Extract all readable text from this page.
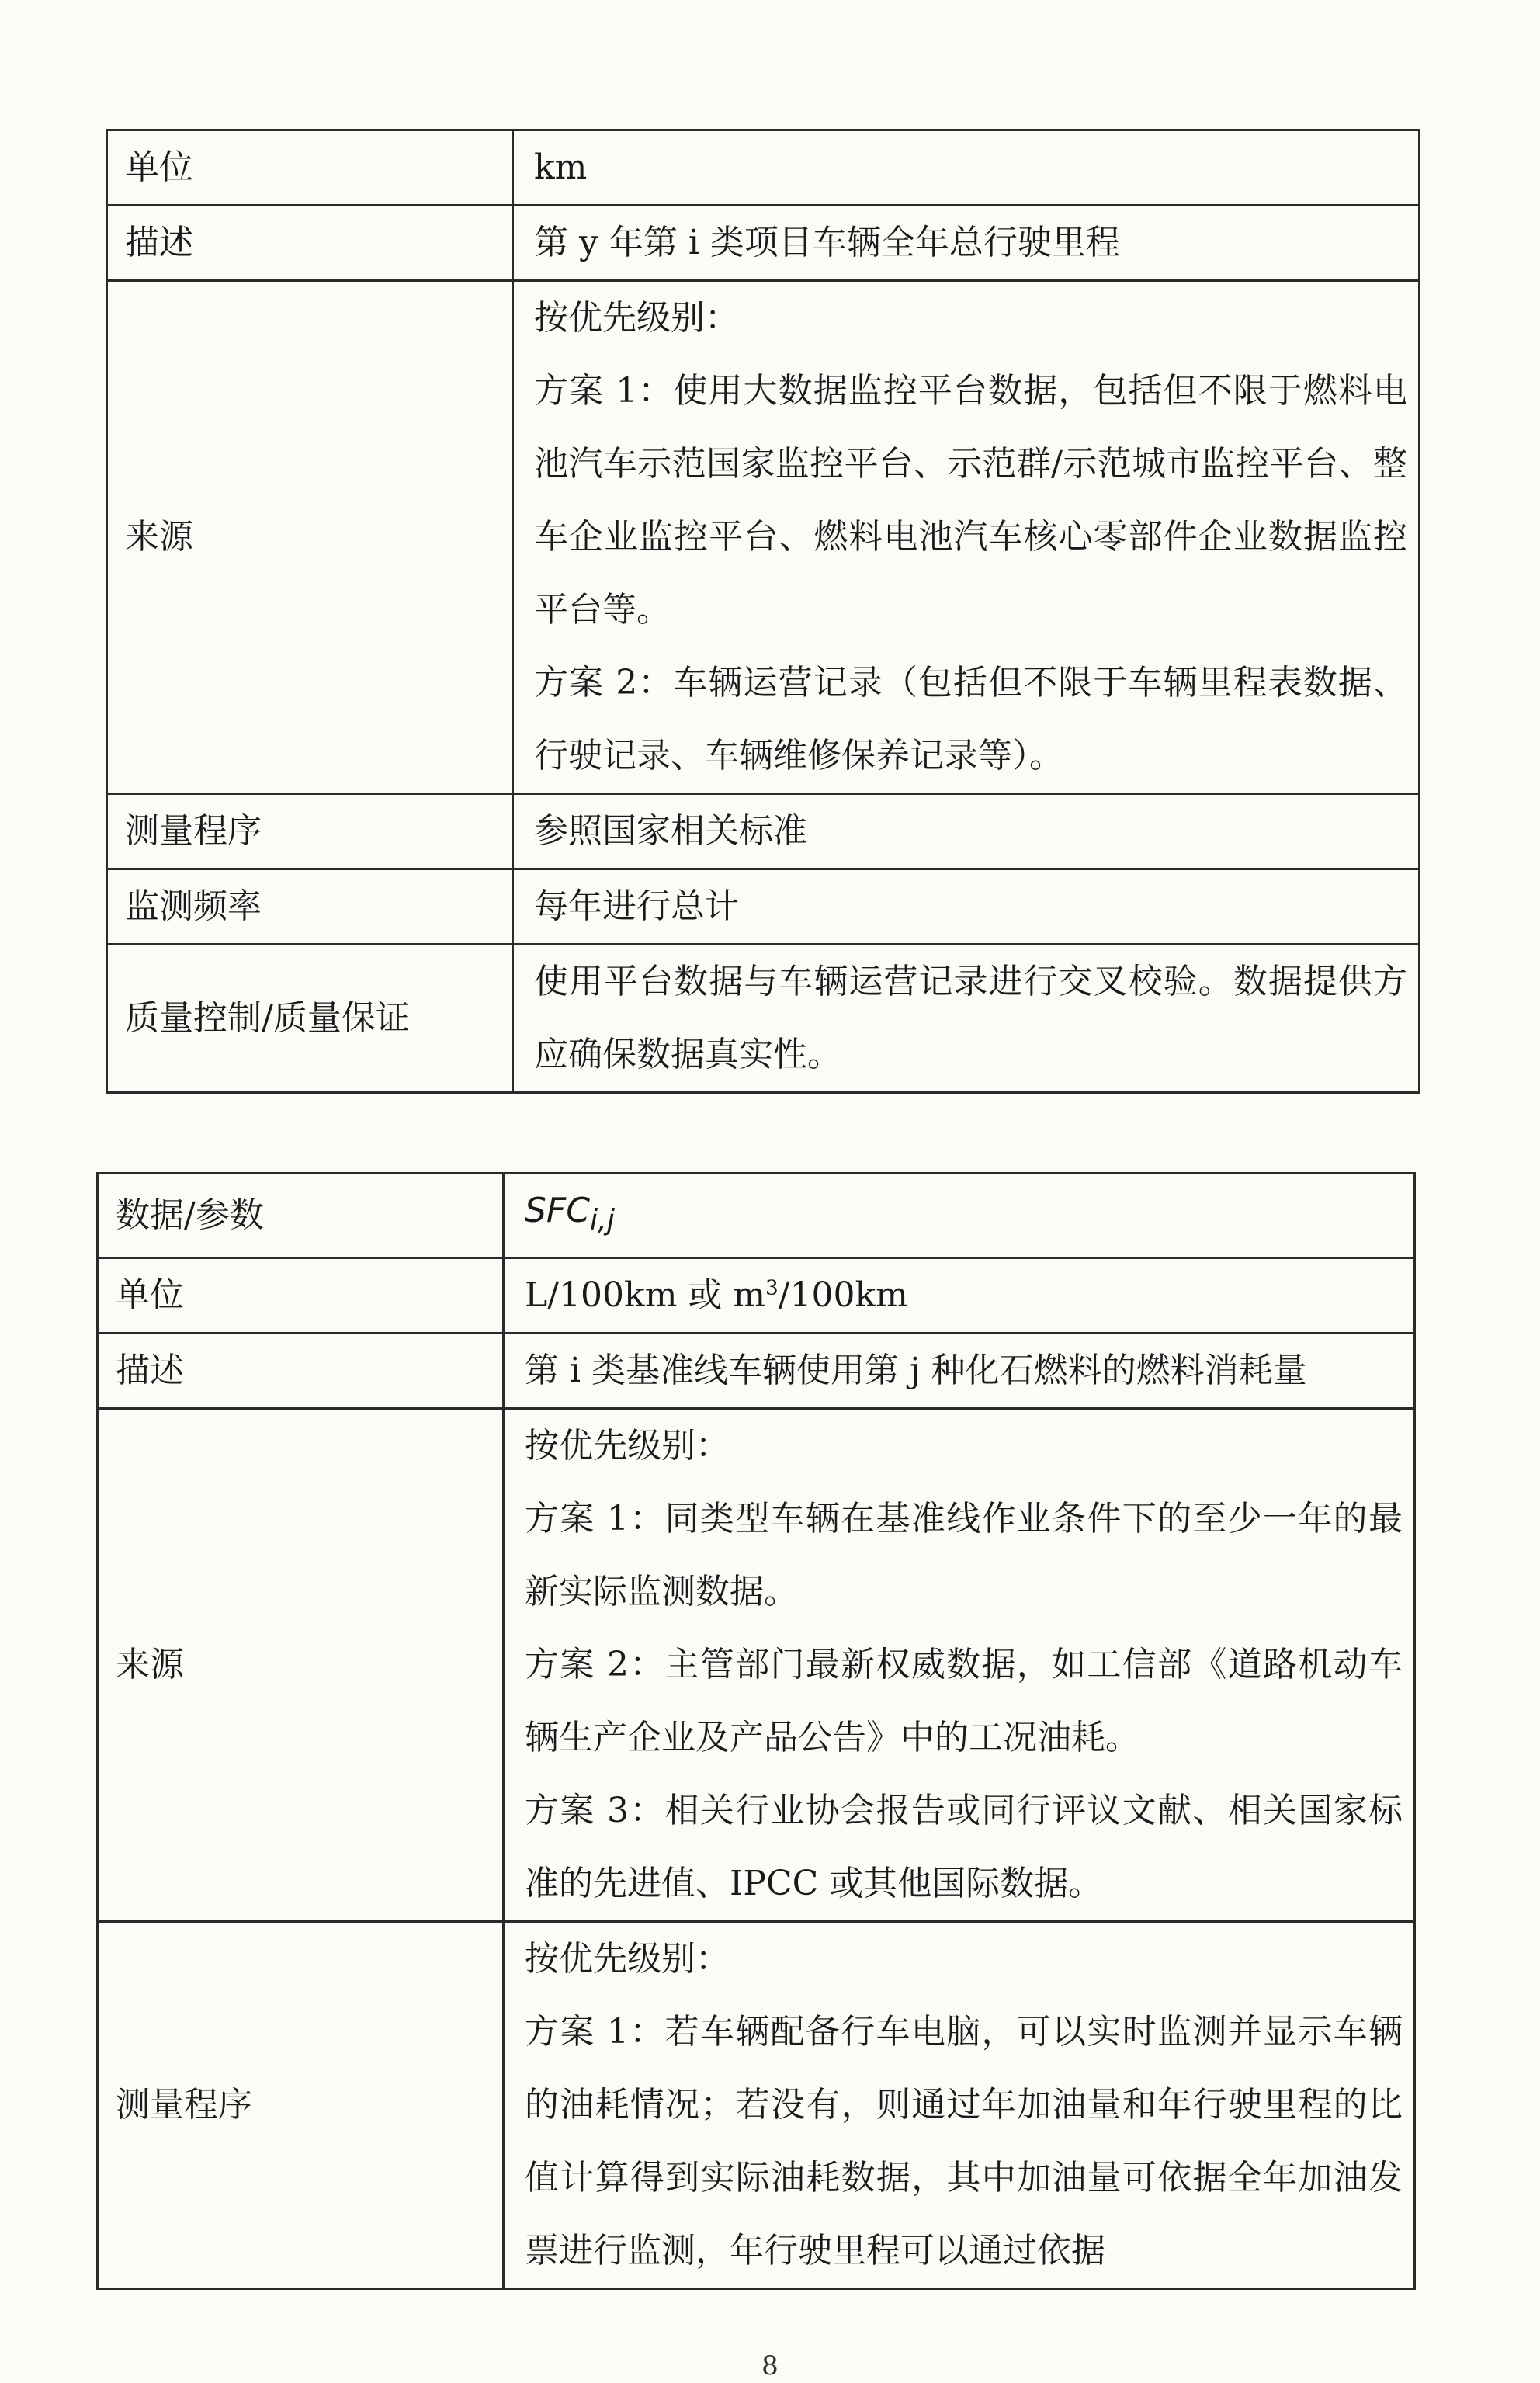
单位	km
描述	第 y 年第 i 类项目车辆全年总行驶里程
来源	按优先级别：
方案 1：使用大数据监控平台数据，包括但不限于燃料电池汽车示范国家监控平台、示范群/示范城市监控平台、整车企业监控平台、燃料电池汽车核心零部件企业数据监控平台等。
方案 2：车辆运营记录（包括但不限于车辆里程表数据、行驶记录、车辆维修保养记录等）。

测量程序	参照国家相关标准
监测频率	每年进行总计
质量控制/质量保证	使用平台数据与车辆运营记录进行交叉校验。数据提供方应确保数据真实性。
数据/参数	$SFC_{i,j}$
单位	L/100km 或 $m^3/100km$
描述	第 i 类基准线车辆使用第 j 种化石燃料的燃料消耗量
来源	按优先级别：
方案 1：同类型车辆在基准线作业条件下的至少一年的最新实际监测数据。
方案 2：主管部门最新权威数据，如工信部《道路机动车辆生产企业及产品公告》中的工况油耗。
方案 3：相关行业协会报告或同行评议文献、相关国家标准的先进值、IPCC 或其他国际数据。

测量程序	按优先级别：
方案 1：若车辆配备行车电脑，可以实时监测并显示车辆的油耗情况；若没有，则通过年加油量和年行驶里程的比值计算得到实际油耗数据，其中加油量可依据全年加油发票进行监测，年行驶里程可以通过依据
8
